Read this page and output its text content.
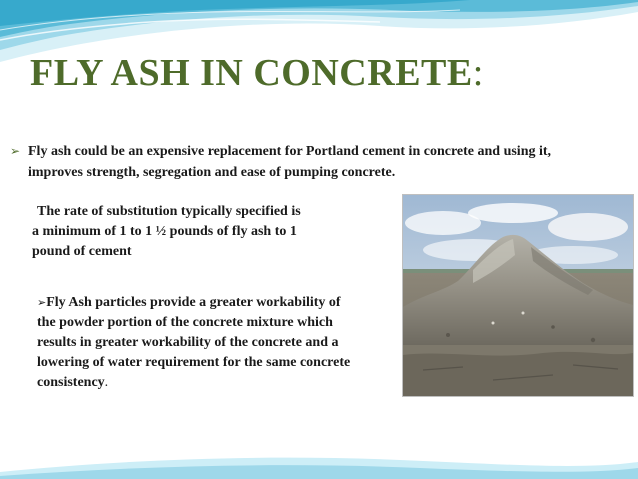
FLY ASH IN CONCRETE:
➢ Fly ash could be an expensive replacement for Portland cement in concrete and using it, improves strength, segregation and ease of pumping concrete.
The rate of substitution typically specified is
a minimum of 1 to 1 ½ pounds of fly ash to 1
pound of cement
➢Fly Ash particles provide a greater workability of the powder portion of the concrete mixture which results in greater workability of the concrete and a lowering of water requirement for the same concrete consistency.
